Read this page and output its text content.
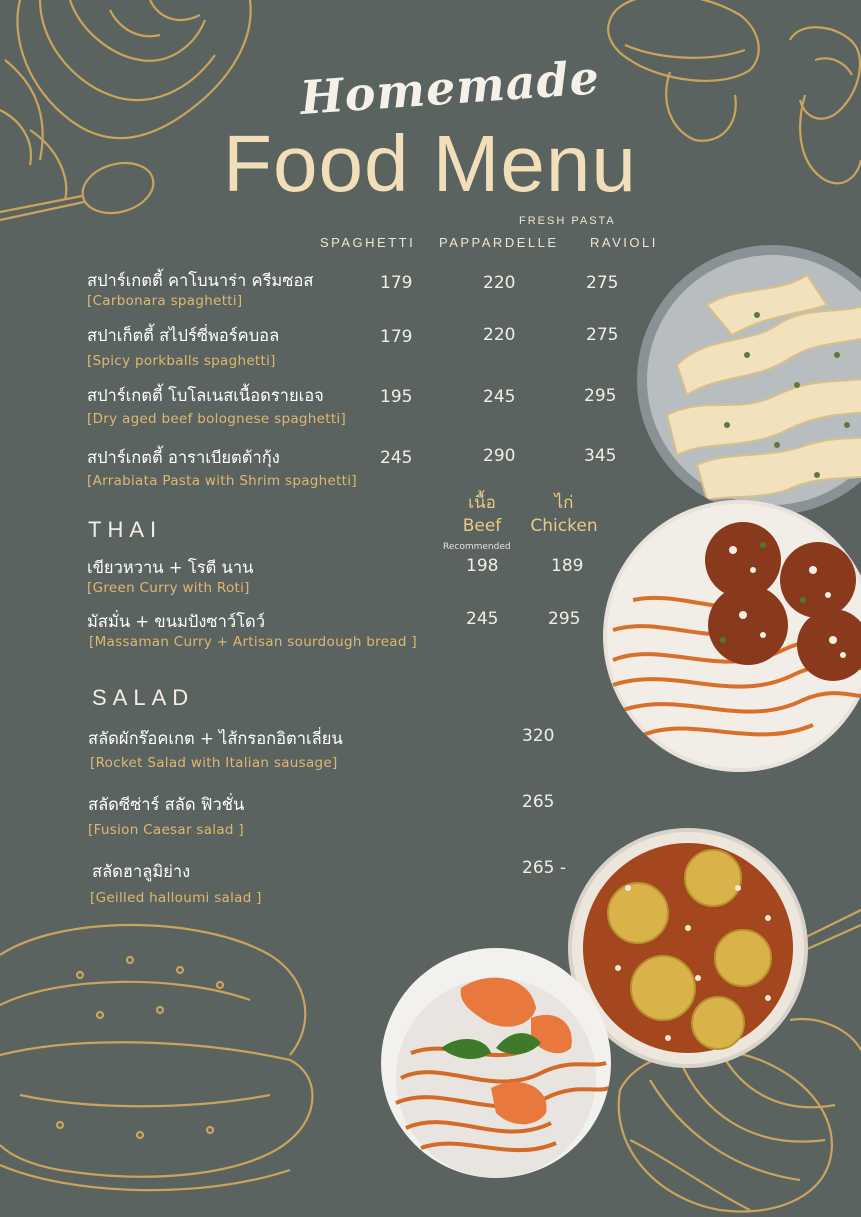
Homemade
Food Menu
FRESH PASTA
SPAGHETTI PAPPARDELLE RAVIOLI
สปาร์เกตตี้ คาโบนาร่า ครีมซอส
[Carbonara spaghetti]
179	220	275
สปาเก็ตตี้ สไปร์ซี่พอร์คบอล
[Spicy porkballs spaghetti]
179	220	275
สปาร์เกตตี้ โบโลเนสเนื้อดรายเอจ
[Dry aged beef bolognese spaghetti]
195	245	295
สปาร์เกตตี้ อาราเบียตต้ากุ้ง
[Arrabiata Pasta with Shrim spaghetti]
245	290	345
THAI
เนื้อ
Beef
ไก่
Chicken
Recommended
เขียวหวาน + โรตี นาน
[Green Curry with Roti]
198	189
มัสมั่น + ขนมปังซาว์โดว์
[Massaman Curry + Artisan sourdough bread ]
245	295
SALAD
สลัดผักร๊อคเกต + ไส้กรอกอิตาเลี่ยน
[Rocket Salad with Italian sausage]
320
สลัดซีซ่าร์ สลัด ฟิวชั่น
[Fusion Caesar salad ]
265
สลัดฮาลูมิย่าง
[Geilled halloumi salad ]
265 -
